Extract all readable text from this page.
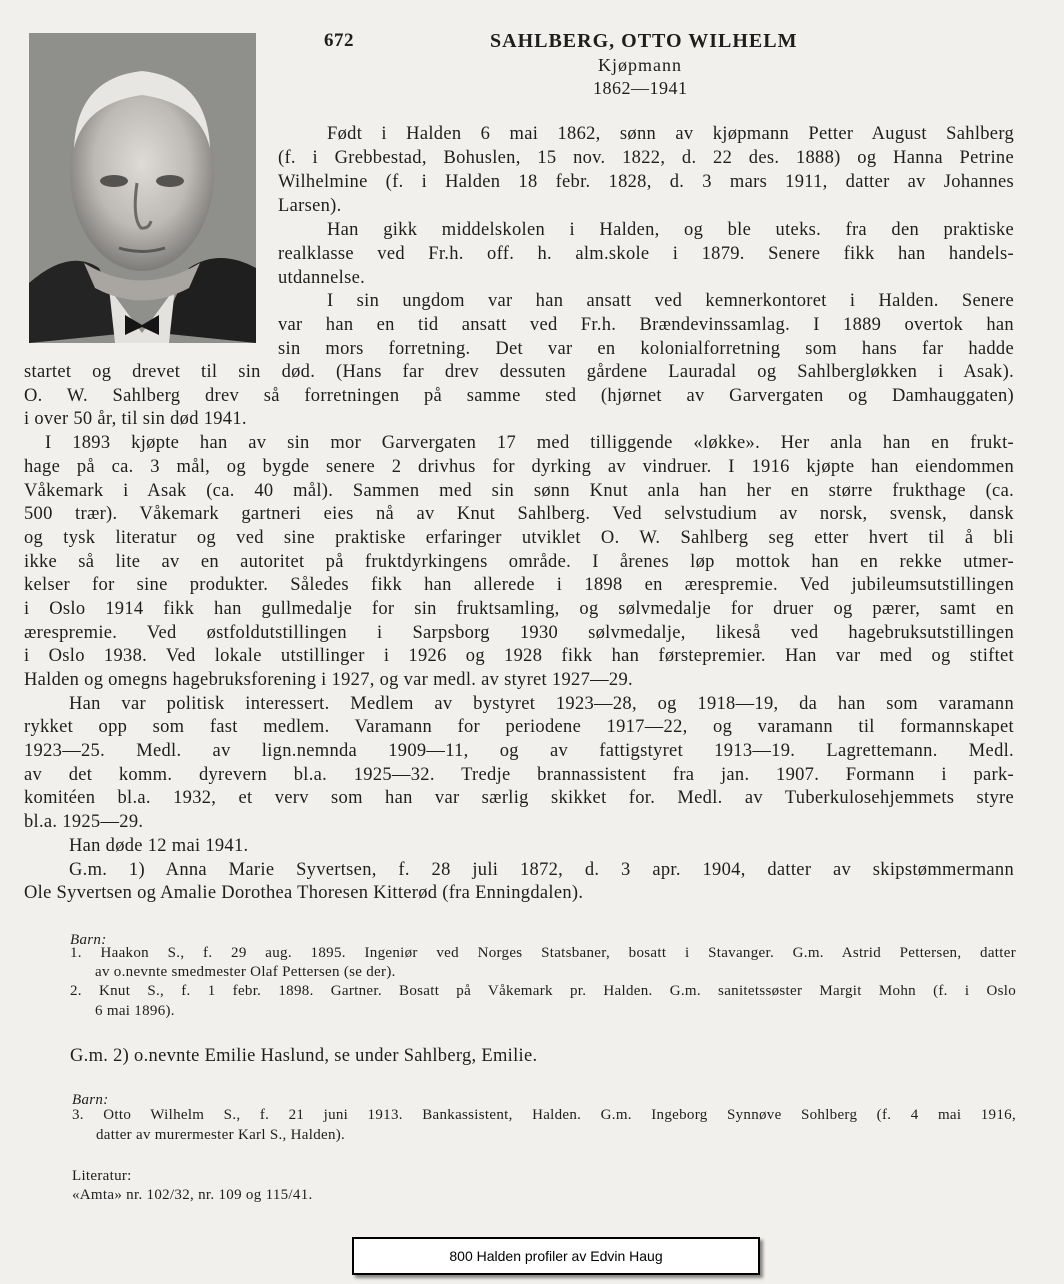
672	SAHLBERG, OTTO WILHELM
Kjøpmann
1862—1941
Født i Halden 6 mai 1862, sønn av kjøpmann Petter August Sahlberg
(f. i Grebbestad, Bohuslen, 15 nov. 1822, d. 22 des. 1888) og Hanna Petrine
Wilhelmine (f. i Halden 18 febr. 1828, d. 3 mars 1911, datter av Johannes
Larsen).
Han gikk middelskolen i Halden, og ble uteks. fra den praktiske
realklasse ved Fr.h. off. h. alm.skole i 1879. Senere fikk han handels-
utdannelse.
I sin ungdom var han ansatt ved kemnerkontoret i Halden. Senere
var han en tid ansatt ved Fr.h. Brændevinssamlag. I 1889 overtok han
sin mors forretning. Det var en kolonialforretning som hans far hadde
startet og drevet til sin død. (Hans far drev dessuten gårdene Lauradal og Sahlbergløkken i Asak).
O. W. Sahlberg drev så forretningen på samme sted (hjørnet av Garvergaten og Damhauggaten)
i over 50 år, til sin død 1941.
I 1893 kjøpte han av sin mor Garvergaten 17 med tilliggende «løkke». Her anla han en frukt-
hage på ca. 3 mål, og bygde senere 2 drivhus for dyrking av vindruer. I 1916 kjøpte han eiendommen
Våkemark i Asak (ca. 40 mål). Sammen med sin sønn Knut anla han her en større frukthage (ca.
500 trær). Våkemark gartneri eies nå av Knut Sahlberg. Ved selvstudium av norsk, svensk, dansk
og tysk literatur og ved sine praktiske erfaringer utviklet O. W. Sahlberg seg etter hvert til å bli
ikke så lite av en autoritet på fruktdyrkingens område. I årenes løp mottok han en rekke utmer-
kelser for sine produkter. Således fikk han allerede i 1898 en ærespremie. Ved jubileumsutstillingen
i Oslo 1914 fikk han gullmedalje for sin fruktsamling, og sølvmedalje for druer og pærer, samt en
ærespremie. Ved østfoldutstillingen i Sarpsborg 1930 sølvmedalje, likeså ved hagebruksutstillingen
i Oslo 1938. Ved lokale utstillinger i 1926 og 1928 fikk han førstepremier. Han var med og stiftet
Halden og omegns hagebruksforening i 1927, og var medl. av styret 1927—29.
Han var politisk interessert. Medlem av bystyret 1923—28, og 1918—19, da han som varamann
rykket opp som fast medlem. Varamann for periodene 1917—22, og varamann til formannskapet
1923—25. Medl. av lign.nemnda 1909—11, og av fattigstyret 1913—19. Lagrettemann. Medl.
av det komm. dyrevern bl.a. 1925—32. Tredje brannassistent fra jan. 1907. Formann i park-
komitéen bl.a. 1932, et verv som han var særlig skikket for. Medl. av Tuberkulosehjemmets styre
bl.a. 1925—29.
Han døde 12 mai 1941.
G.m. 1) Anna Marie Syvertsen, f. 28 juli 1872, d. 3 apr. 1904, datter av skipstømmermann
Ole Syvertsen og Amalie Dorothea Thoresen Kitterød (fra Enningdalen).
Barn:
1. Haakon S., f. 29 aug. 1895. Ingeniør ved Norges Statsbaner, bosatt i Stavanger. G.m. Astrid Pettersen, datter
av o.nevnte smedmester Olaf Pettersen (se der).
2. Knut S., f. 1 febr. 1898. Gartner. Bosatt på Våkemark pr. Halden. G.m. sanitetssøster Margit Mohn (f. i Oslo
6 mai 1896).
G.m. 2) o.nevnte Emilie Haslund, se under Sahlberg, Emilie.
Barn:
3. Otto Wilhelm S., f. 21 juni 1913. Bankassistent, Halden. G.m. Ingeborg Synnøve Sohlberg (f. 4 mai 1916,
datter av murermester Karl S., Halden).
Literatur:
«Amta» nr. 102/32, nr. 109 og 115/41.
800 Halden profiler av Edvin Haug
